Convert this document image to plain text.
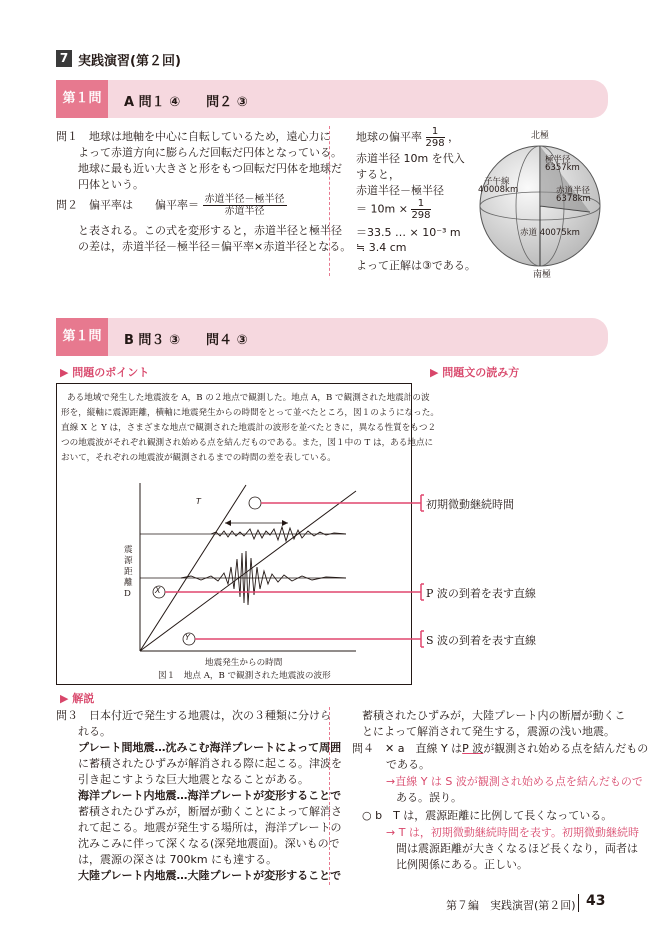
7 実践演習(第２回)
第１問	A 問１ ④　　問２ ③
問１　地球は地軸を中心に自転しているため，遠心力に
　　よって赤道方向に膨らんだ回転だ円体となっている。
　　地球に最も近い大きさと形をもつ回転だ円体を地球だ
　　円体という。
問２　偏平率は　　偏平率＝ $\frac{\text{赤道半径－極半径}}{\text{赤道半径}}$
　　と表される。この式を変形すると，赤道半径と極半径
　　の差は，赤道半径－極半径＝偏平率×赤道半径となる。
地球の偏平率 $\frac{1}{298}$ ，
赤道半径 10m を代入
すると，
赤道半径－極半径
＝ $10m \times \frac{1}{298}$
＝33.5 … × 10⁻³ m
≒ 3.4 cm
よって正解は③である。
北極
南極
極半径
6357km
子午線
40008km	赤道半径
6378km
赤道 40075km
第１問	B 問３ ③　　問４ ③
▶ 問題のポイント	▶ 問題文の読み方
ある地域で発生した地震波を A，B の２地点で観測した。地点 A，B で観測された地震計の波
形を，縦軸に震源距離，横軸に地震発生からの時間をとって並べたところ，図１のようになった。
直線 X と Y は，さまざまな地点で観測された地震計の波形を並べたときに，異なる性質をもつ２
つの地震波がそれぞれ観測され始める点を結んだものである。また，図１中の T は，ある地点に
おいて，それぞれの地震波が観測されるまでの時間の差を表している。
T
X
Y
震源距離 D
地震発生からの時間
図１　地点 A，B で観測された地震波の波形
初期微動継続時間
P 波の到着を表す直線
S 波の到着を表す直線
▶ 解説
問３　日本付近で発生する地震は，次の３種類に分けら
　　れる。
　　プレート間地震…沈みこむ海洋プレートによって周囲
　　に蓄積されたひずみが解消される際に起こる。津波を
　　引き起こすような巨大地震となることがある。
　　海洋プレート内地震…海洋プレートが変形することで
　　蓄積されたひずみが，断層が動くことによって解消さ
　　れて起こる。地震が発生する場所は，海洋プレートの
　　沈みこみに伴って深くなる(深発地震面)。深いもので
　　は，震源の深さは 700km にも達する。
　　大陸プレート内地震…大陸プレートが変形することで
蓄積されたひずみが，大陸プレート内の断層が動くこ
とによって解消されて発生する，震源の浅い地震。
問４　✕ a　直線 Y はP 波が観測され始める点を結んだもの
である。
→直線 Y は S 波が観測され始める点を結んだもので
ある。誤り。
○ b　T は，震源距離に比例して長くなっている。
→ T は，初期微動継続時間を表す。初期微動継続時
間は震源距離が大きくなるほど長くなり，両者は
比例関係にある。正しい。
第７編　実践演習(第２回) 43
